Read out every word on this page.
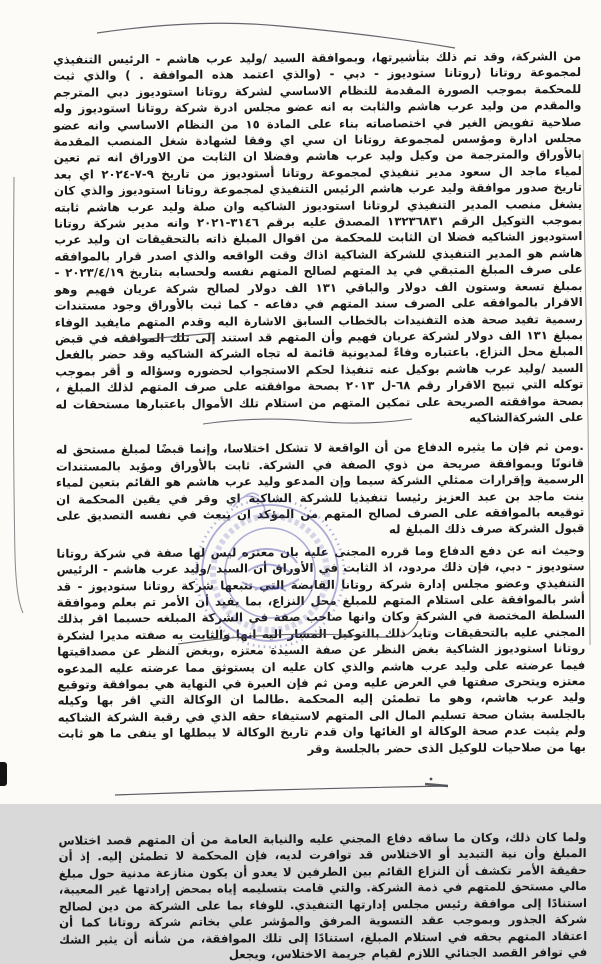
من الشركة، وقد تم ذلك بتأشيرتها، وبموافقة السيد /وليد عرب هاشم - الرئيس التنفيذي لمجموعة روتانا (روتانا ستوديوز - دبي - (والذي اعتمد هذه الموافقة . ) والذي ثبت للمحكمة بموجب الصورة المقدمة للنظام الاساسي لشركة روتانا استوديوز دبي المترجم والمقدم من وليد عرب هاشم والثابت به انه عضو مجلس ادرة شركة روتانا استوديوز وله صلاحية تفويض الغير في اختصاصاته بناء على المادة ١٥ من النظام الاساسي وانه عضو مجلس ادارة ومؤسس لمجموعة روتانا ان سي اي وفقا لشهادة شغل المنصب المقدمة بالأوراق والمترجمة من وكيل وليد عرب هاشم وفضلا ان الثابت من الاوراق انه تم تعين لمياء ماجد ال سعود مدير تنفيذي لمجموعة روتانا أستوديوز من تاريخ ٩-٧-٢٠٢٤ اي بعد تاريخ صدور موافقة وليد عرب هاشم الرئيس التنفيذي لمجموعة روتانا استوديوز والذي كان يشغل منصب المدير التنفيذي لروتانا استوديوز الشاكيه وان صلة وليد عرب هاشم ثابته بموجب التوكيل الرقم ١٣٢٣٦٨٣١ المصدق عليه برقم ٣١٤٦-٢٠٢١ وانه مدير شركة روتانا استوديوز الشاكيه فضلا ان الثابت للمحكمة من اقوال المبلغ ذاته بالتحقيقات ان وليد عرب هاشم هو المدير التنفيذي للشركة الشاكية اذاك وقت الواقعه والذي اصدر قرار بالموافقه على صرف المبلغ المتبقي في يد المتهم لصالح المتهم نفسه ولحسابه بتاريخ ٢٠٢٣/٤/١٩ - بمبلغ تسعة وستون الف دولار والباقي ١٣١ الف دولار لصالح شركة عريان فهيم وهو الاقرار بالموافقه على الصرف سند المتهم في دفاعه - كما ثبت بالأوراق وجود مستندات رسمية تفيد صحة هذه التفنيدات بالخطاب السابق الاشارة اليه وقدم المتهم مايفيد الوفاء بمبلغ ١٣١ الف دولار لشركة عريان فهيم وأن المتهم قد استند إلى تلك الموافقه في قبض المبلغ محل النزاع. باعتباره وفاءً لمديونية قائمة له تجاه الشركة الشاكيه وقد حضر بالفعل السيد /وليد عرب هاشم بوكيل عنه تنفيذا لحكم الاستجواب لحضوره وسؤاله و أقر بموجب توكله التي تبيح الاقرار رقم ٦٨-ل ٢٠١٣ بصحة موافقته على صرف المتهم لذلك المبلغ ، بصحة موافقته الصريحة على تمكين المتهم من استلام تلك الأموال باعتبارها مستحقات له على الشركةالشاكيه

.ومن ثم فإن ما يثيره الدفاع من أن الواقعة لا تشكل اختلاسا، وإنما قبضًا لمبلغ مستحق له قانونًا وبموافقة صريحة من ذوي الصفة في الشركة. ثابت بالأوراق ومؤيد بالمستندات الرسمية وإقرارات ممثلي الشركة سيما وإن المدعو وليد عرب هاشم هو القائم بتعين لمياء بنت ماجد بن عبد العزيز رئيسا تنفيذيا للشركة الشاكية اي وقر في يقين المحكمة ان توقيعه بالموافقه على الصرف لصالح المتهم من المؤكد ان يبعث في نفسه التصديق على قبول الشركة صرف ذلك المبلغ له

وحيث انه عن دفع الدفاع وما قرره المجنى عليه بان معتزه ليس لها صفة في شركة روتانا ستوديوز - دبي، فإن ذلك مردود، اذ الثابت في الأوراق أن السيد /وليد عرب هاشم - الرئيس التنفيذي وعضو مجلس إدارة شركة روتانا القابضة التي تتبعها شركة روتانا ستوديوز - قد أشر بالموافقة على استلام المتهم للمبلغ محل النزاع، بما يفيد أن الأمر تم بعلم وموافقة السلطة المختصة في الشركة وكان وانها صاحب صفة في الشركة المبلغه حسبما اقر بذلك المجني عليه بالتحقيقات وتايد ذلك بالتوكيل المشار اليه انها والثابت به صفته مديرا لشكرة روتانا استوديوز الشاكية بغض النظر عن صفة السيدة معتزه ,وبغض النظر عن مصداقيتها فيما عرضته على وليد عرب هاشم والذي كان عليه ان يستوثق مما عرضته عليه المدعوه معتزه ويتحرى صفتها في العرض عليه ومن ثم فإن العبرة في النهاية هي بموافقة وتوقيع وليد عرب هاشم، وهو ما تطمئن إليه المحكمة .طالما ان الوكالة التي اقر بها وكيله بالجلسة بشان صحة تسليم المال الى المتهم لاستيفاء حقه الذي في رقبة الشركة الشاكيه ولم يثبت عدم صحة الوكالة او الغائها وان قدم تاريخ الوكالة لا يبطلها او ينفى ما هو ثابت بها من صلاحيات للوكيل الذى حضر بالجلسة وقر

ولما كان ذلك، وكان ما ساقه دفاع المجني عليه والنيابة العامة من أن المتهم قصد اختلاس المبلغ وأن نية التبديد أو الاختلاس قد توافرت لديه، فإن المحكمة لا تطمئن إليه. إذ أن حقيقة الأمر تكشف أن النزاع القائم بين الطرفين لا يعدو أن يكون منازعة مدنية حول مبلغ مالي مستحق للمتهم في ذمة الشركة. والتي قامت بتسليمه إياه بمحض إرادتها غير المعيبة، استنادًا إلى موافقة رئيس مجلس إدارتها التنفيذي. للوفاء بما على الشركة من دين لصالح شركة الجذور وبموجب عقد التسوية المرفق والمؤشر علي بخاتم شركة روتانا كما أن اعتقاد المتهم بحقه في استلام المبلغ، استنادًا إلى تلك الموافقة، من شأنه أن يثير الشك في توافر القصد الجنائي اللازم لقيام جريمة الاختلاس، ويجعل
